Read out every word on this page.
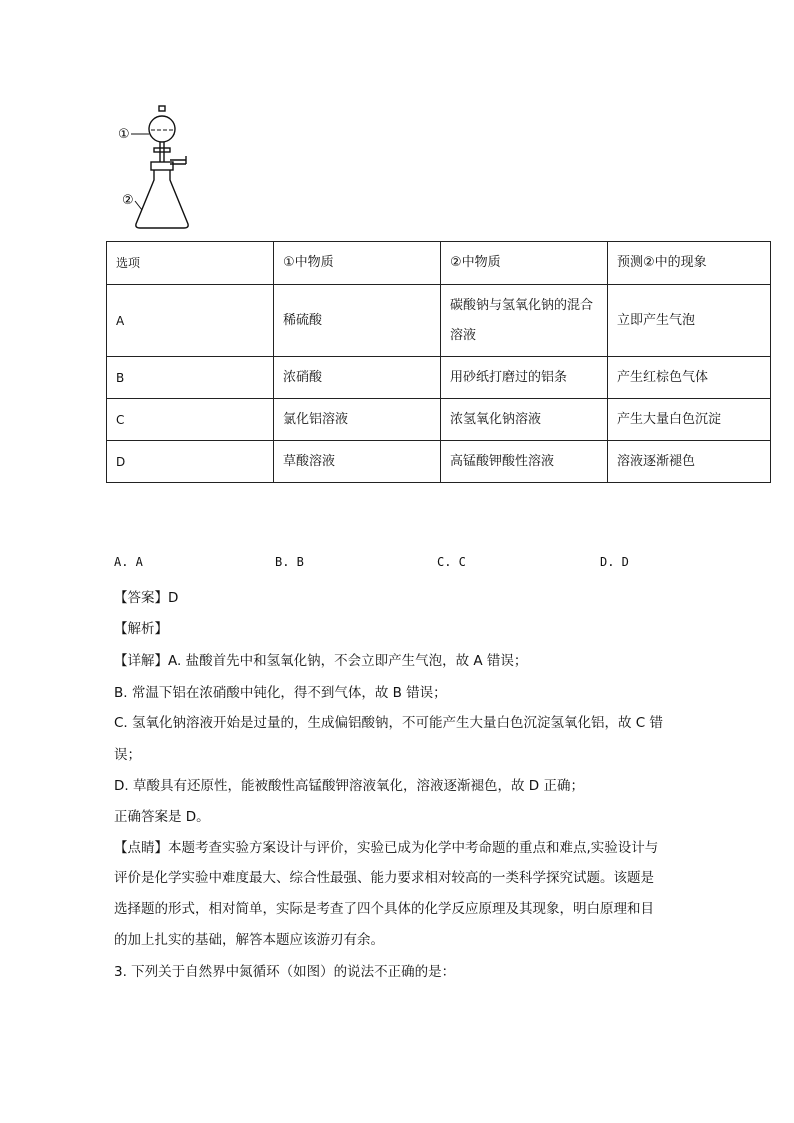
①
②
选项	①中物质	②中物质	预测②中的现象
A	稀硫酸	碳酸钠与氢氧化钠的混合溶液	立即产生气泡
B	浓硝酸	用砂纸打磨过的铝条	产生红棕色气体
C	氯化铝溶液	浓氢氧化钠溶液	产生大量白色沉淀
D	草酸溶液	高锰酸钾酸性溶液	溶液逐渐褪色
A. A	B. B	C. C	D. D
【答案】D
【解析】
【详解】A. 盐酸首先中和氢氧化钠，不会立即产生气泡，故 A 错误；
B. 常温下铝在浓硝酸中钝化，得不到气体，故 B 错误；
C. 氢氧化钠溶液开始是过量的，生成偏铝酸钠，不可能产生大量白色沉淀氢氧化铝，故 C 错
误；
D. 草酸具有还原性，能被酸性高锰酸钾溶液氧化，溶液逐渐褪色，故 D 正确；
正确答案是 D。
【点睛】本题考查实验方案设计与评价，实验已成为化学中考命题的重点和难点,实验设计与
评价是化学实验中难度最大、综合性最强、能力要求相对较高的一类科学探究试题。该题是
选择题的形式，相对简单，实际是考查了四个具体的化学反应原理及其现象，明白原理和目
的加上扎实的基础，解答本题应该游刃有余。
3. 下列关于自然界中氮循环（如图）的说法不正确的是：
